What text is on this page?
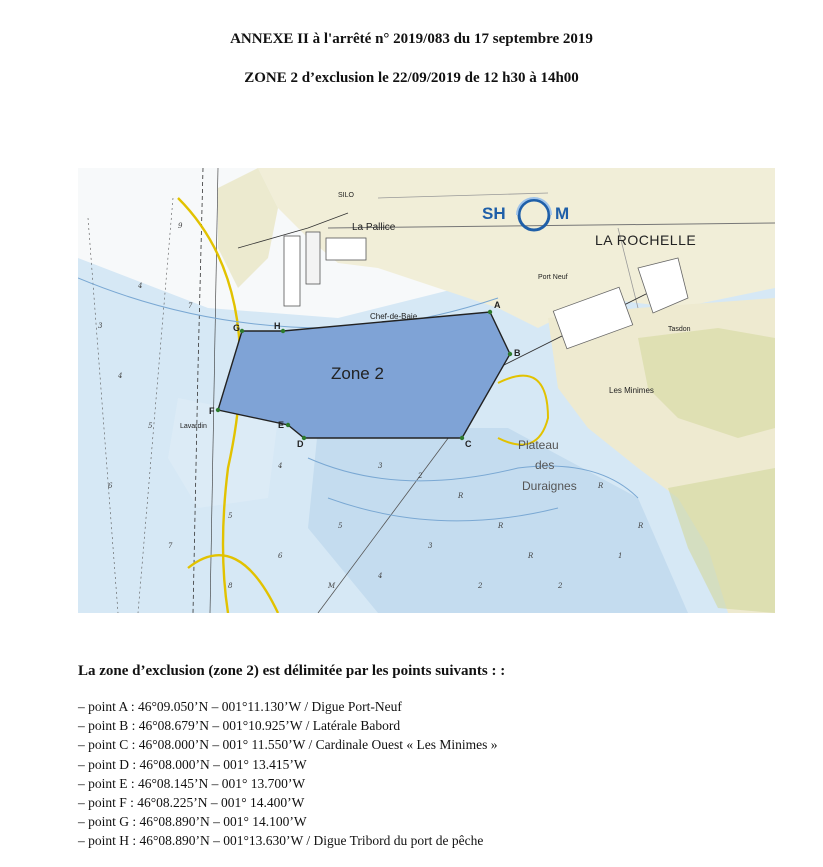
ANNEXE II à l'arrêté n° 2019/083 du 17 septembre 2019
ZONE 2 d’exclusion le 22/09/2019 de 12 h30 à 14h00
3
4
5
6
7
8
6
5
4
3
2
R
2
1
3
2
R
R
4
5
4
9
7
M
R
R
Zone 2
LA ROCHELLE
SH	M
La Pallice
Chef-de-Baie
Plateau
des
Duraignes
Les Minimes
SILO
Tasdon
Port Neuf
Lavardin
A
B
C
D
E
F
G	H
La zone d’exclusion (zone 2) est délimitée par les points suivants : :
– point A : 46°09.050’N – 001°11.130’W / Digue Port-Neuf
– point B : 46°08.679’N – 001°10.925’W / Latérale Babord
– point C : 46°08.000’N – 001° 11.550’W / Cardinale Ouest « Les Minimes »
– point D : 46°08.000’N – 001° 13.415’W
– point E : 46°08.145’N – 001° 13.700’W
– point F : 46°08.225’N – 001° 14.400’W
– point G : 46°08.890’N – 001° 14.100’W
– point H : 46°08.890’N – 001°13.630’W / Digue Tribord du port de pêche
